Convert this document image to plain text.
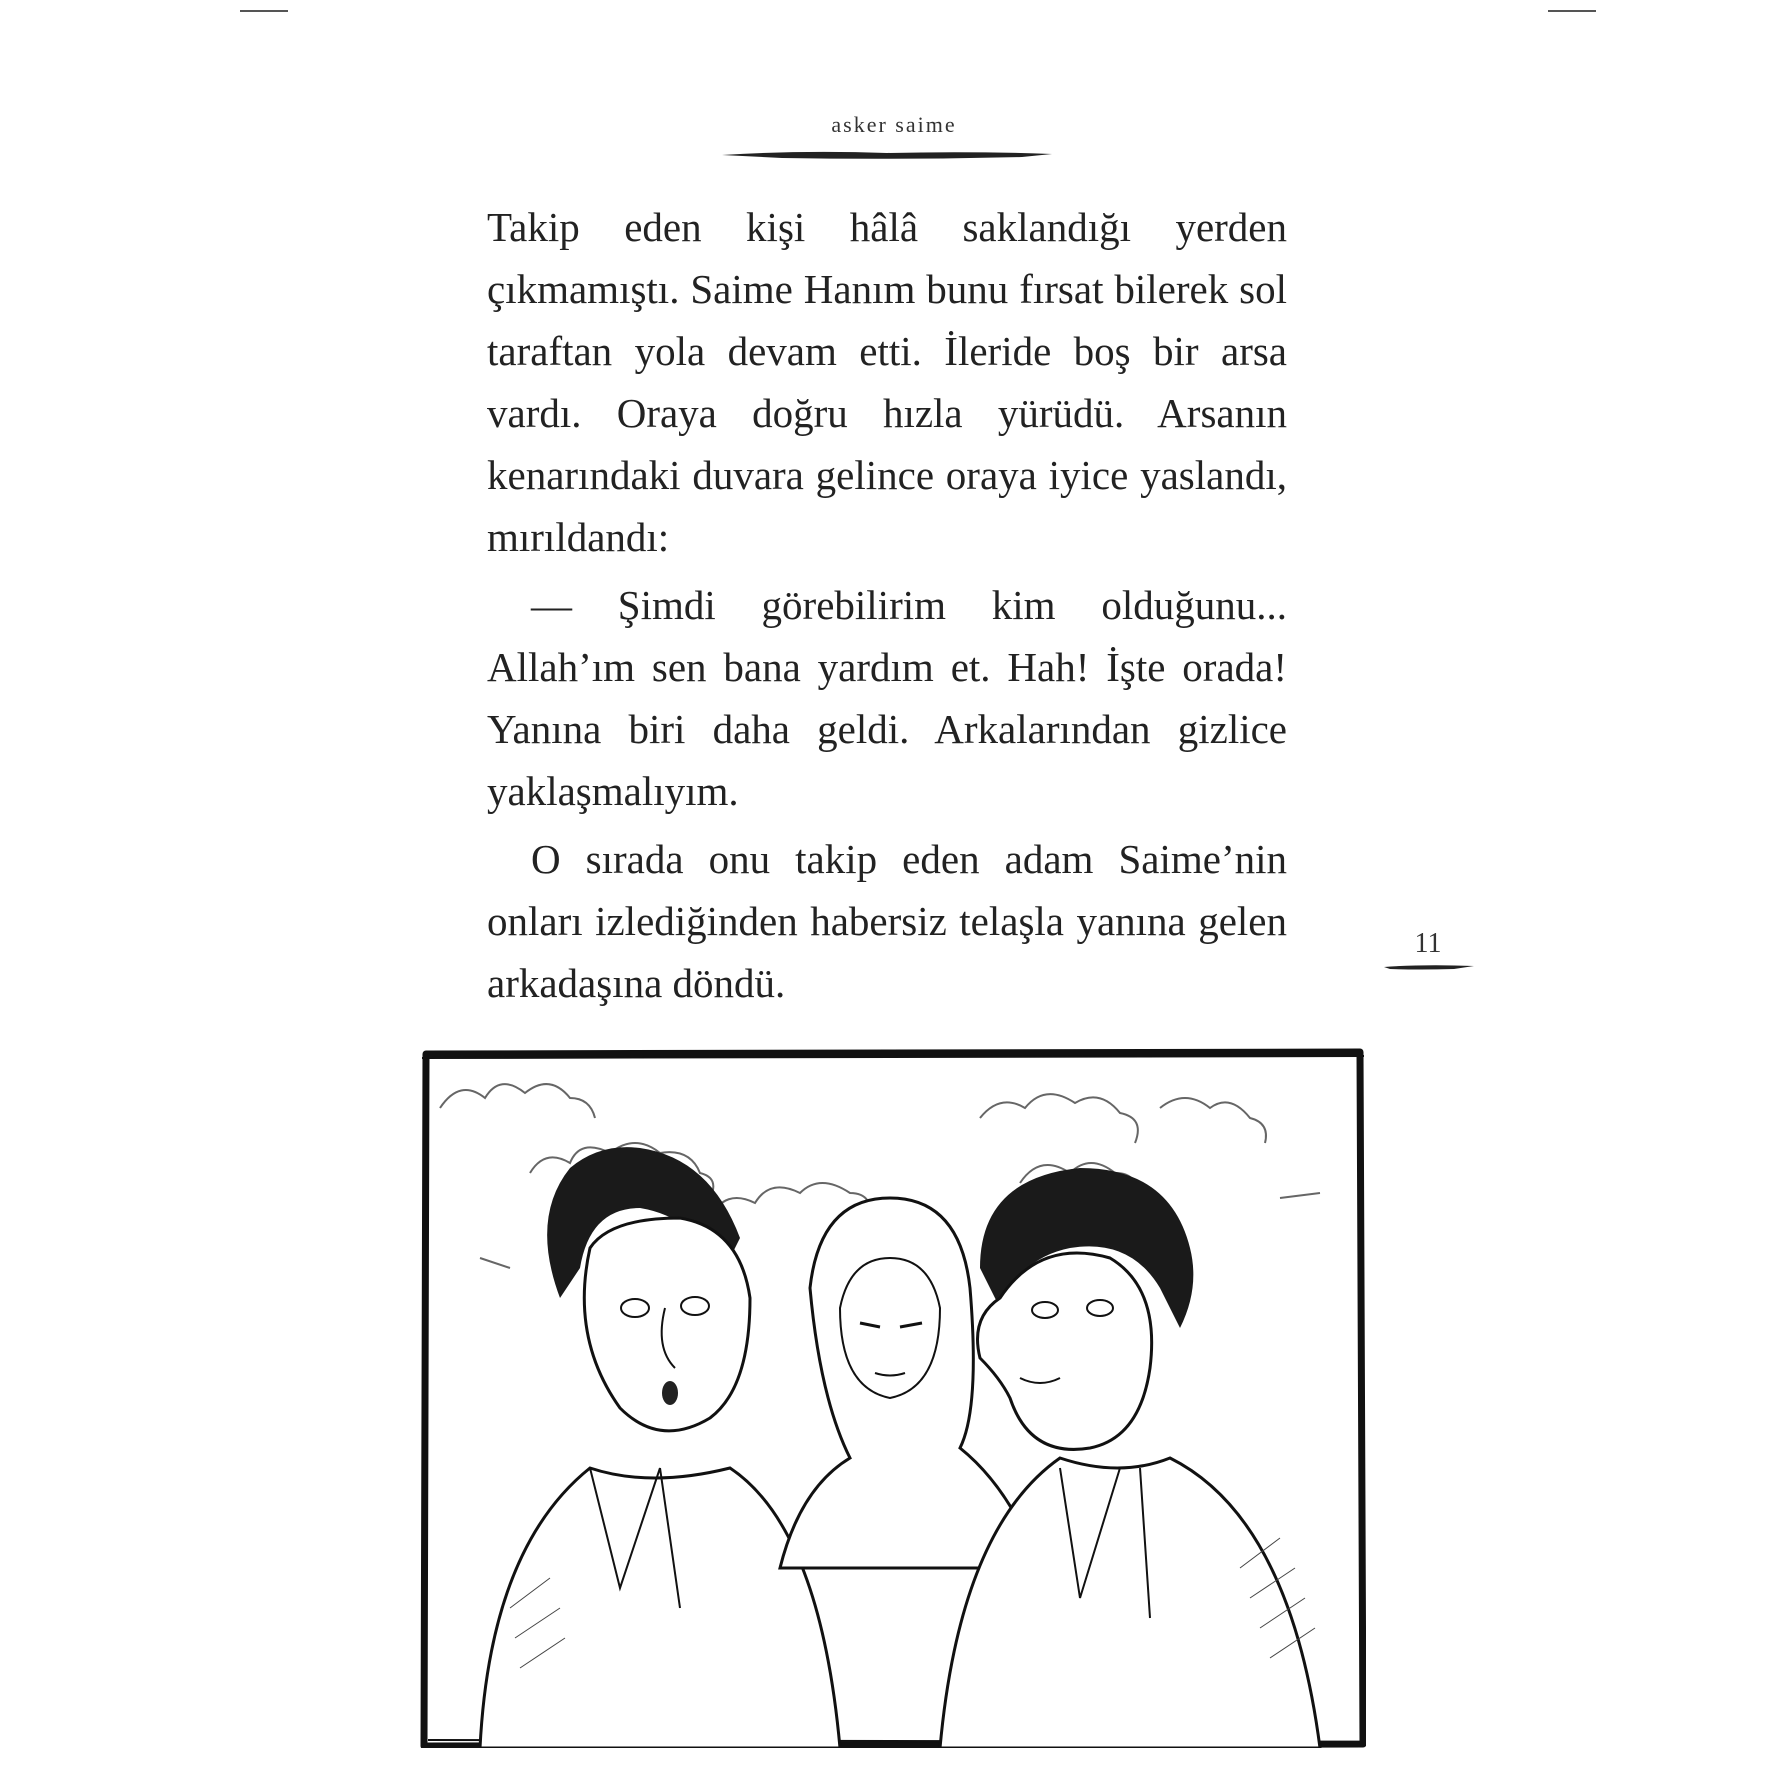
asker saime

Takip eden kişi hâlâ saklandığı yerden çıkmamıştı. Saime Hanım bunu fırsat bilerek sol taraftan yola devam etti. İleride boş bir arsa vardı. Oraya doğru hızla yürüdü. Arsanın kenarındaki duvara gelince oraya iyice yaslandı, mırıldandı:

— Şimdi görebilirim kim olduğunu... Allah’ım sen bana yardım et. Hah! İşte orada! Yanına biri daha geldi. Arkalarından gizlice yaklaşmalıyım.

O sırada onu takip eden adam Saime’nin onları izlediğinden habersiz telaşla yanına gelen arkadaşına döndü.

11
